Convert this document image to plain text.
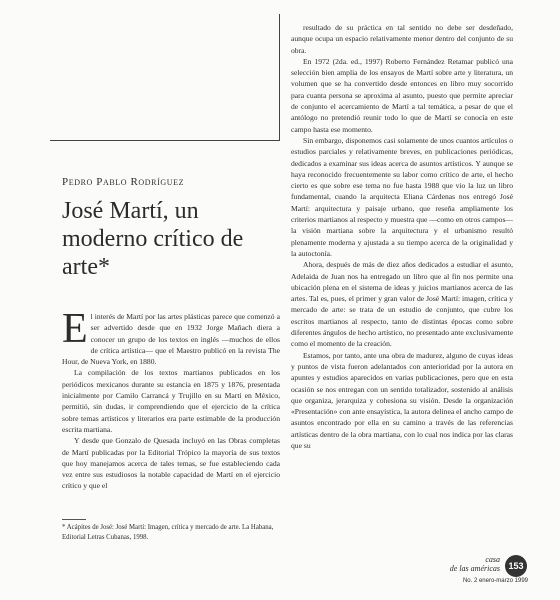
Pedro Pablo Rodríguez
José Martí, un moderno crítico de arte*

El interés de Martí por las artes plásticas parece que comenzó a ser advertido desde que en 1932 Jorge Mañach diera a conocer un grupo de los textos en inglés —muchos de ellos de crítica artística— que el Maestro publicó en la revista The Hour, de Nueva York, en 1880.

La compilación de los textos martianos publicados en los periódicos mexicanos durante su estancia en 1875 y 1876, presentada inicialmente por Camilo Carrancá y Trujillo en su Martí en México, permitió, sin dudas, ir comprendiendo que el ejercicio de la crítica sobre temas artísticos y literarios era parte estimable de la producción escrita martiana.

Y desde que Gonzalo de Quesada incluyó en las Obras completas de Martí publicadas por la Editorial Trópico la mayoría de sus textos que hoy manejamos acerca de tales temas, se fue estableciendo cada vez entre sus estudiosos la notable capacidad de Martí en el ejercicio crítico y que el

* Acápites de José: José Martí: Imagen, crítica y mercado de arte. La Habana, Editorial Letras Cubanas, 1998.

resultado de su práctica en tal sentido no debe ser desdeñado, aunque ocupa un espacio relativamente menor dentro del conjunto de su obra.

En 1972 (2da. ed., 1997) Roberto Fernández Retamar publicó una selección bien amplia de los ensayos de Martí sobre arte y literatura, un volumen que se ha convertido desde entonces en libro muy socorrido para cuanta persona se aproxima al asunto, puesto que permite apreciar de conjunto el acercamiento de Martí a tal temática, a pesar de que el antólogo no pretendió reunir todo lo que de Martí se conocía en este campo hasta ese momento.

Sin embargo, disponemos casi solamente de unos cuantos artículos o estudios parciales y relativamente breves, en publicaciones periódicas, dedicados a examinar sus ideas acerca de asuntos artísticos. Y aunque se haya reconocido frecuentemente su labor como crítico de arte, el hecho cierto es que sobre ese tema no fue hasta 1988 que vio la luz un libro fundamental, cuando la arquitecta Eliana Cárdenas nos entregó José Martí: arquitectura y paisaje urbano, que reseña ampliamente los criterios martianos al respecto y muestra que —como en otros campos— la visión martiana sobre la arquitectura y el urbanismo resultó plenamente moderna y ajustada a su tiempo acerca de la originalidad y la autoctonía.

Ahora, después de más de diez años dedicados a estudiar el asunto, Adelaida de Juan nos ha entregado un libro que al fin nos permite una ubicación plena en el sistema de ideas y juicios martianos acerca de las artes. Tal es, pues, el primer y gran valor de José Martí: imagen, crítica y mercado de arte: se trata de un estudio de conjunto, que cubre los escritos martianos al respecto, tanto de distintas épocas como sobre diferentes ángulos de hecho artístico, no presentado ante exclusivamente como el momento de la creación.

Estamos, por tanto, ante una obra de madurez, alguno de cuyas ideas y puntos de vista fueron adelantados con anterioridad por la autora en apuntes y estudios aparecidos en varias publicaciones, pero que en esta ocasión se nos entregan con un sentido totalizador, sostenido al análisis que organiza, jerarquiza y cohesiona su visión. Desde la organización «Presentación» con ante ensayística, la autora delinea el ancho campo de asuntos encontrado por ella en su camino a través de las referencias artísticas dentro de la obra martiana, con lo cual nos indica por las claras que su

casa
de las américas 153
No. 2 enero-marzo 1999
